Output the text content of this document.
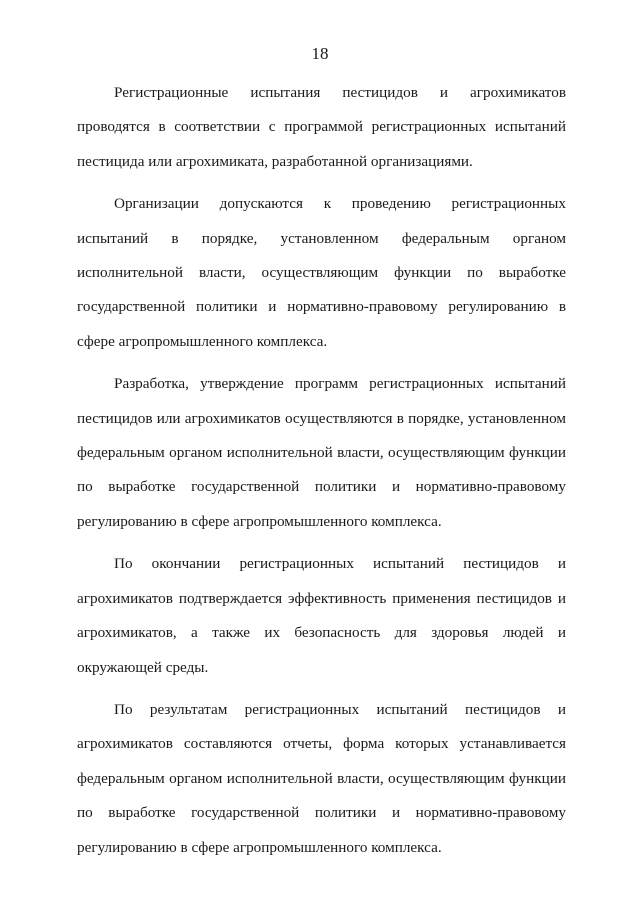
18

Регистрационные испытания пестицидов и агрохимикатов проводятся в соответствии с программой регистрационных испытаний пестицида или агрохимиката, разработанной организациями.

Организации допускаются к проведению регистрационных испытаний в порядке, установленном федеральным органом исполнительной власти, осуществляющим функции по выработке государственной политики и нормативно-правовому регулированию в сфере агропромышленного комплекса.

Разработка, утверждение программ регистрационных испытаний пестицидов или агрохимикатов осуществляются в порядке, установленном федеральным органом исполнительной власти, осуществляющим функции по выработке государственной политики и нормативно-правовому регулированию в сфере агропромышленного комплекса.

По окончании регистрационных испытаний пестицидов и агрохимикатов подтверждается эффективность применения пестицидов и агрохимикатов, а также их безопасность для здоровья людей и окружающей среды.

По результатам регистрационных испытаний пестицидов и агрохимикатов составляются отчеты, форма которых устанавливается федеральным органом исполнительной власти, осуществляющим функции по выработке государственной политики и нормативно-правовому регулированию в сфере агропромышленного комплекса.
